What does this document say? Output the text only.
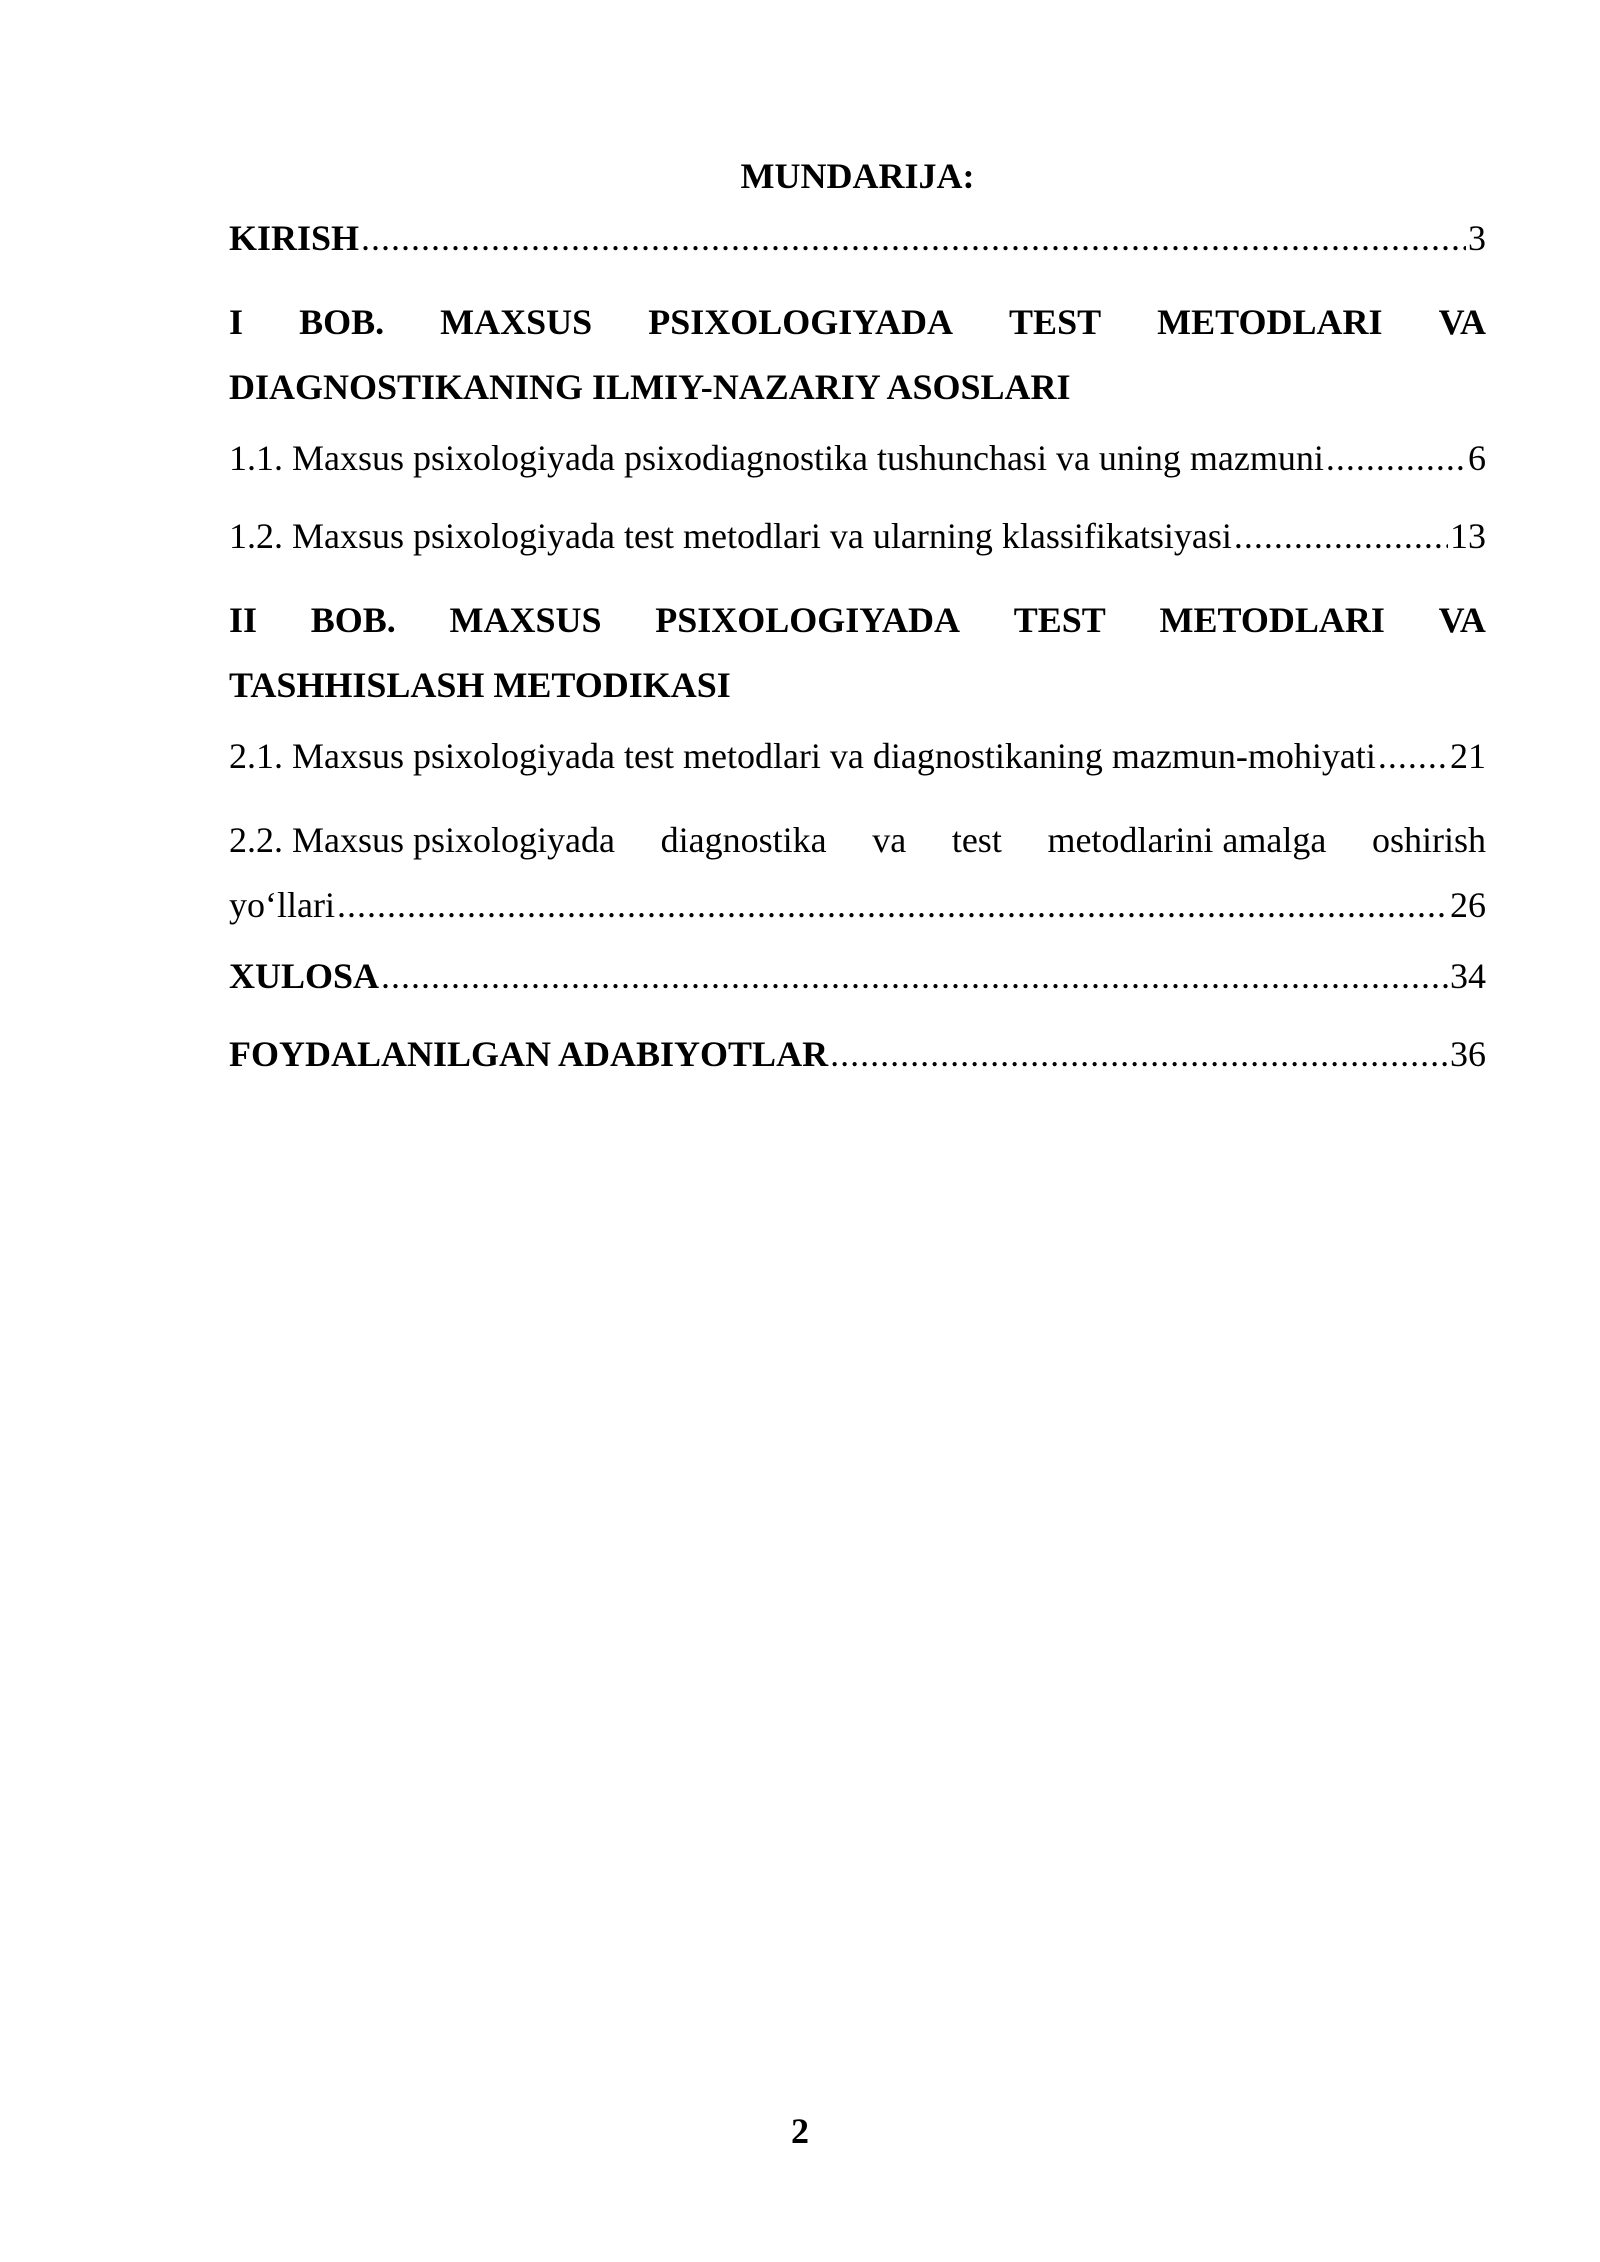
MUNDARIJA:
KIRISH .....	3
I BOB. MAXSUS PSIXOLOGIYADA TEST METODLARI VA
DIAGNOSTIKANING ILMIY-NAZARIY ASOSLARI
1.1. Maxsus psixologiyada psixodiagnostika tushunchasi va uning mazmuni .....	6
1.2. Maxsus psixologiyada test metodlari va ularning klassifikatsiyasi .....	13
II BOB. MAXSUS PSIXOLOGIYADA TEST METODLARI VA
TASHHISLASH METODIKASI
2.1. Maxsus psixologiyada test metodlari va diagnostikaning mazmun-mohiyati ..... 21
2.2. Maxsus psixologiyada diagnostika va test metodlarini amalga oshirish
yo‘llari .....	26
XULOSA .....	34
FOYDALANILGAN ADABIYOTLAR .....	36
2
